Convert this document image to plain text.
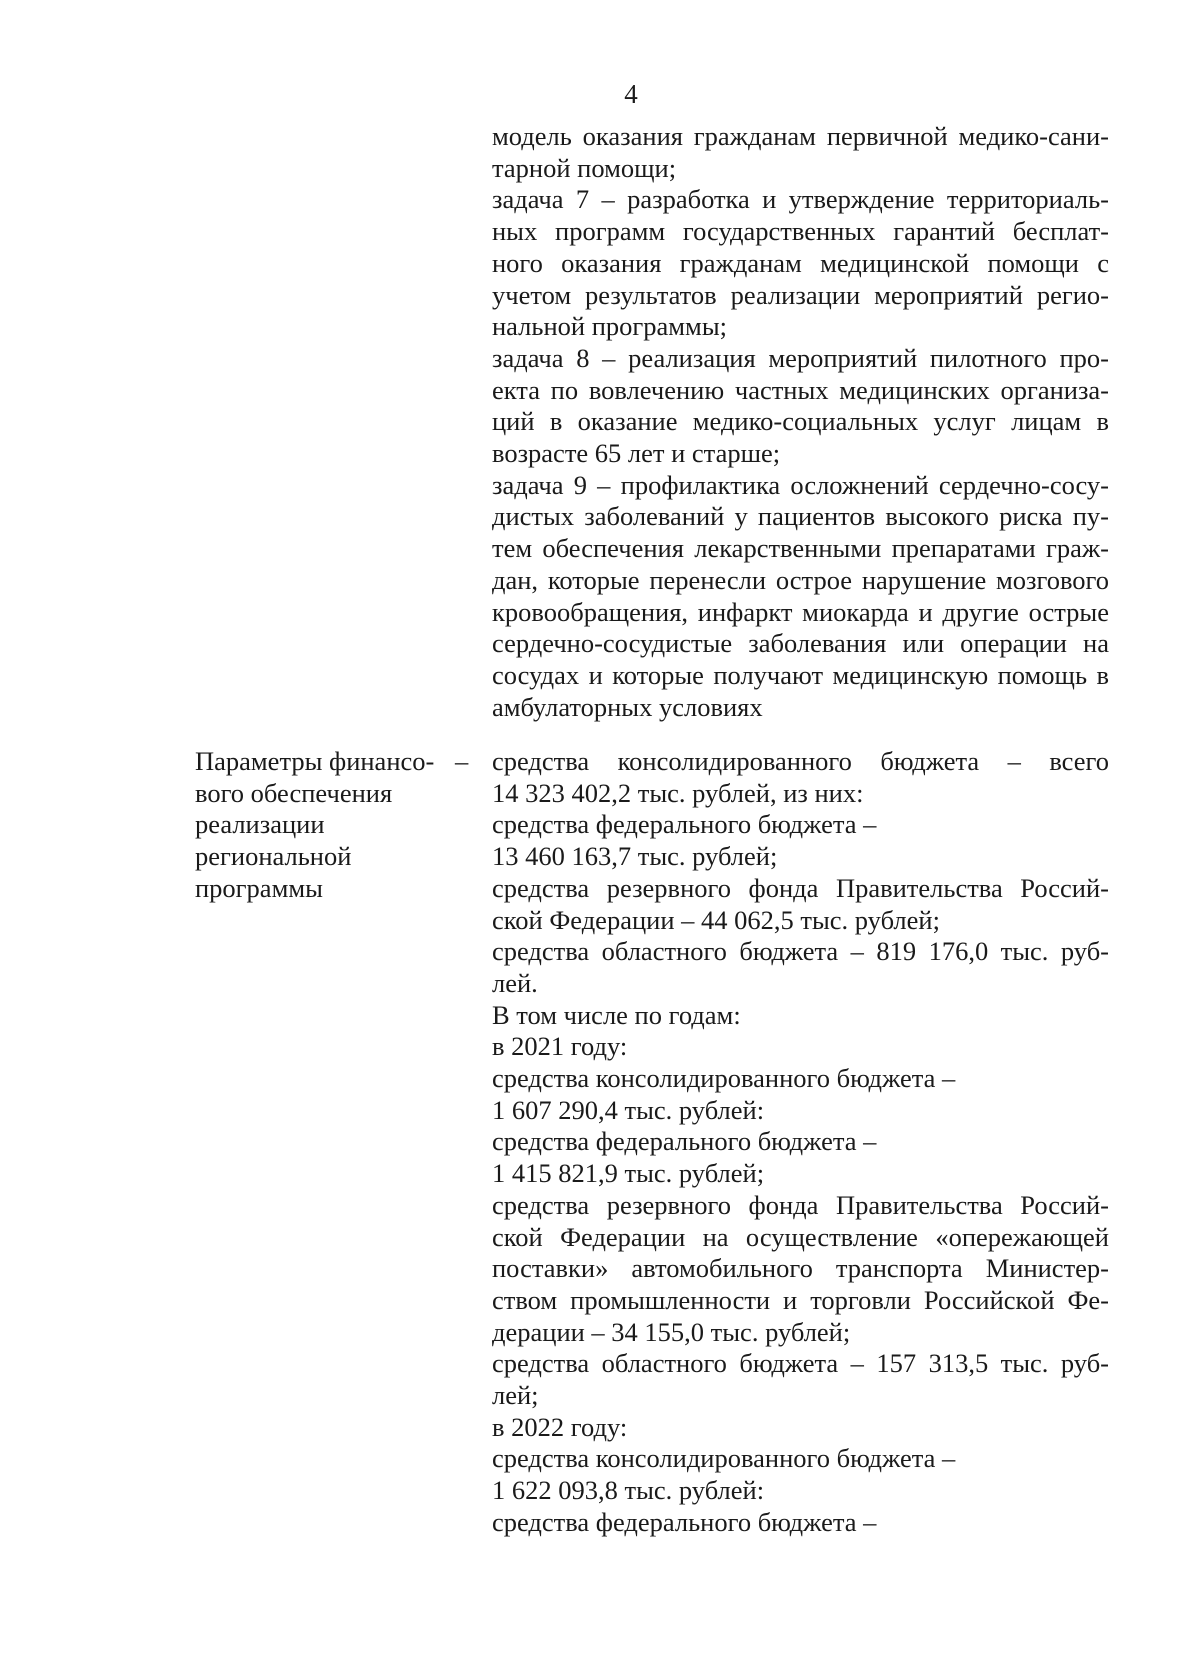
4
модель оказания гражданам первичной медико-сани-
тарной помощи;
задача 7 – разработка и утверждение территориаль-
ных программ государственных гарантий бесплат-
ного оказания гражданам медицинской помощи с
учетом результатов реализации мероприятий регио-
нальной программы;
задача 8 – реализация мероприятий пилотного про-
екта по вовлечению частных медицинских организа-
ций в оказание медико-социальных услуг лицам в
возрасте 65 лет и старше;
задача 9 – профилактика осложнений сердечно-сосу-
дистых заболеваний у пациентов высокого риска пу-
тем обеспечения лекарственными препаратами граж-
дан, которые перенесли острое нарушение мозгового
кровообращения, инфаркт миокарда и другие острые
сердечно-сосудистые заболевания или операции на
сосудах и которые получают медицинскую помощь в
амбулаторных условиях
Параметры финансо-
вого обеспечения
реализации
региональной
программы
– средства консолидированного бюджета – всего
14 323 402,2 тыс. рублей, из них:
средства федерального бюджета –
13 460 163,7 тыс. рублей;
средства резервного фонда Правительства Россий-
ской Федерации – 44 062,5 тыс. рублей;
средства областного бюджета – 819 176,0 тыс. руб-
лей.
В том числе по годам:
в 2021 году:
средства консолидированного бюджета –
1 607 290,4 тыс. рублей:
средства федерального бюджета –
1 415 821,9 тыс. рублей;
средства резервного фонда Правительства Россий-
ской Федерации на осуществление «опережающей
поставки» автомобильного транспорта Министер-
ством промышленности и торговли Российской Фе-
дерации – 34 155,0 тыс. рублей;
средства областного бюджета – 157 313,5 тыс. руб-
лей;
в 2022 году:
средства консолидированного бюджета –
1 622 093,8 тыс. рублей:
средства федерального бюджета –
